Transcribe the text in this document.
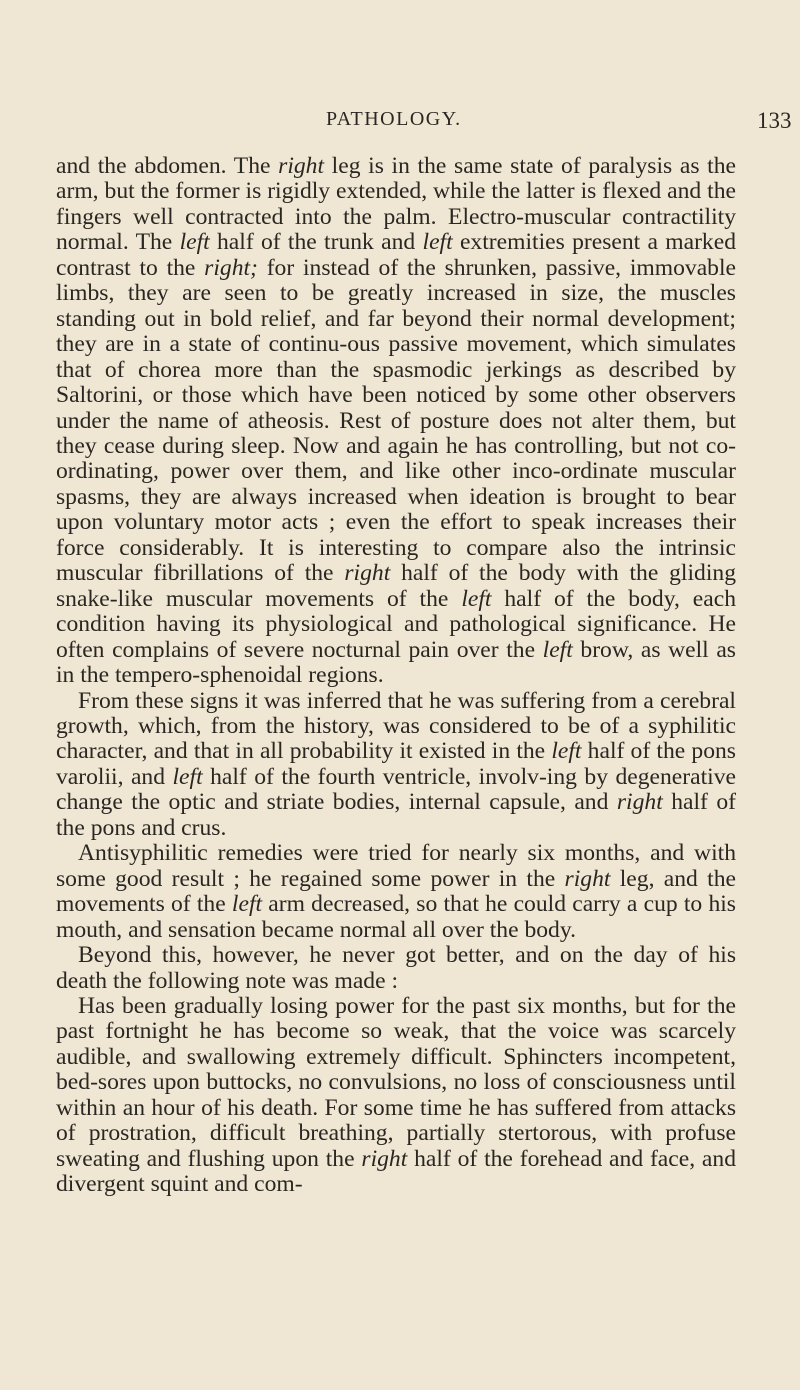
PATHOLOGY.	133

and the abdomen. The right leg is in the same state of paralysis as the arm, but the former is rigidly extended, while the latter is flexed and the fingers well contracted into the palm. Electro-muscular contractility normal. The left half of the trunk and left extremities present a marked contrast to the right; for instead of the shrunken, passive, immovable limbs, they are seen to be greatly increased in size, the muscles standing out in bold relief, and far beyond their normal development; they are in a state of continu-ous passive movement, which simulates that of chorea more than the spasmodic jerkings as described by Saltorini, or those which have been noticed by some other observers under the name of atheosis. Rest of posture does not alter them, but they cease during sleep. Now and again he has controlling, but not co-ordinating, power over them, and like other inco-ordinate muscular spasms, they are always increased when ideation is brought to bear upon voluntary motor acts ; even the effort to speak increases their force considerably. It is interesting to compare also the intrinsic muscular fibrillations of the right half of the body with the gliding snake-like muscular movements of the left half of the body, each condition having its physiological and pathological significance. He often complains of severe nocturnal pain over the left brow, as well as in the tempero-sphenoidal regions.

From these signs it was inferred that he was suffering from a cerebral growth, which, from the history, was considered to be of a syphilitic character, and that in all probability it existed in the left half of the pons varolii, and left half of the fourth ventricle, involv-ing by degenerative change the optic and striate bodies, internal capsule, and right half of the pons and crus.

Antisyphilitic remedies were tried for nearly six months, and with some good result ; he regained some power in the right leg, and the movements of the left arm decreased, so that he could carry a cup to his mouth, and sensation became normal all over the body.

Beyond this, however, he never got better, and on the day of his death the following note was made :

Has been gradually losing power for the past six months, but for the past fortnight he has become so weak, that the voice was scarcely audible, and swallowing extremely difficult. Sphincters incompetent, bed-sores upon buttocks, no convulsions, no loss of consciousness until within an hour of his death. For some time he has suffered from attacks of prostration, difficult breathing, partially stertorous, with profuse sweating and flushing upon the right half of the forehead and face, and divergent squint and com-
